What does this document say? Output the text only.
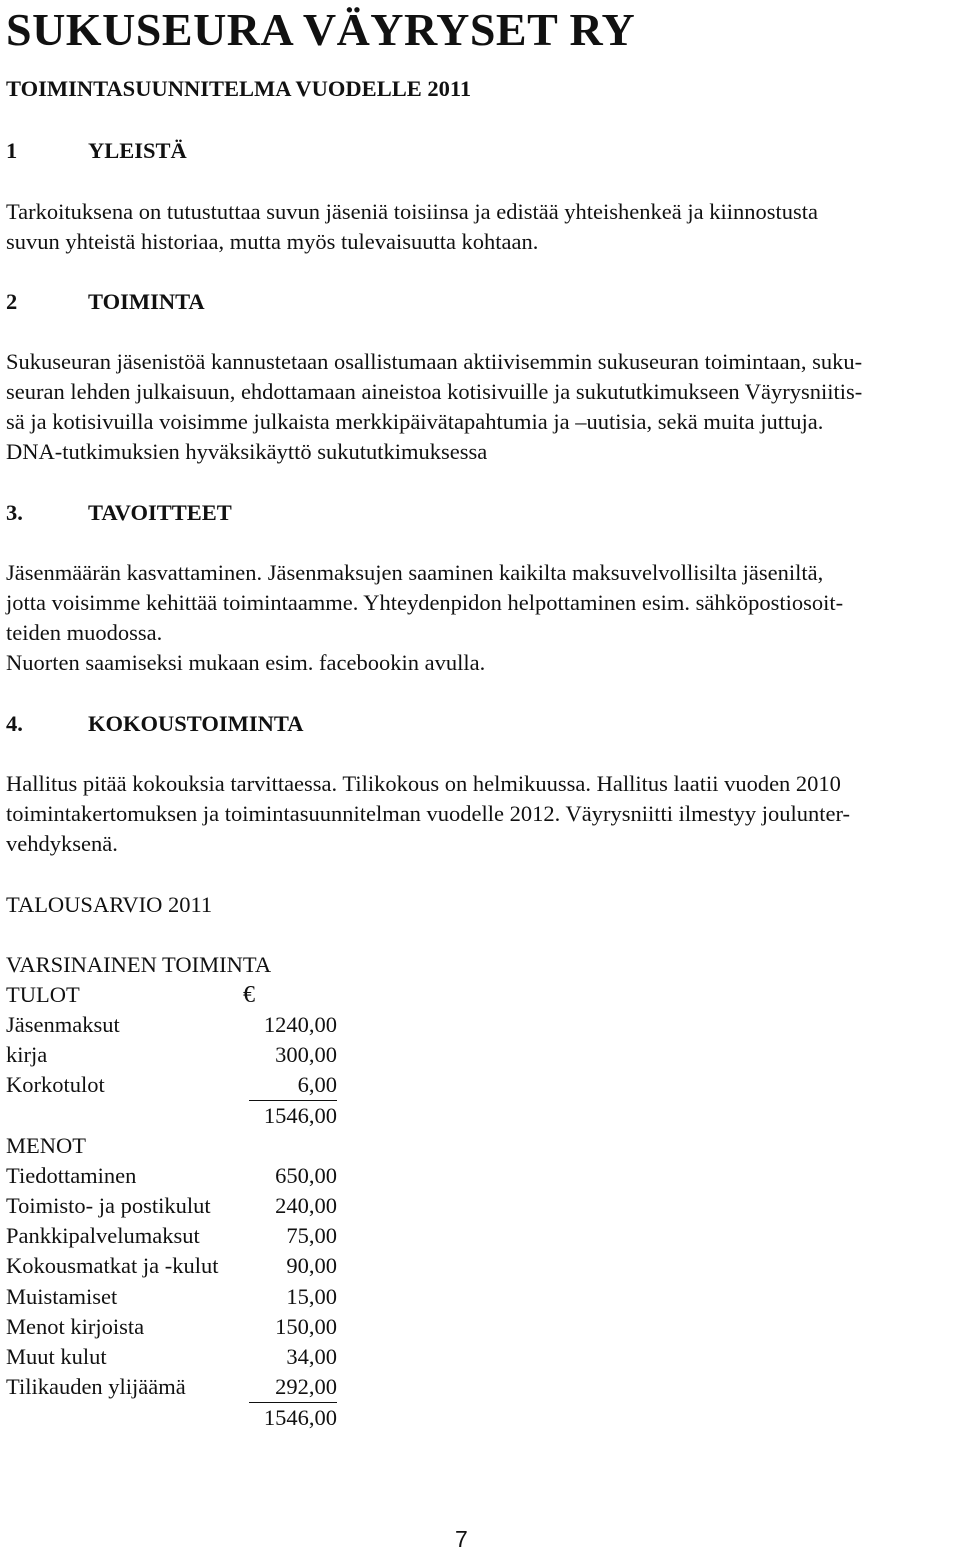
SUKUSEURA VÄYRYSET RY
TOIMINTASUUNNITELMA VUODELLE 2011
1	YLEISTÄ
Tarkoituksena on tutustuttaa suvun jäseniä toisiinsa ja edistää yhteishenkeä ja kiinnostusta
suvun yhteistä historiaa, mutta myös tulevaisuutta kohtaan.
2	TOIMINTA
Sukuseuran jäsenistöä kannustetaan osallistumaan aktiivisemmin sukuseuran toimintaan, suku-
seuran lehden julkaisuun, ehdottamaan aineistoa kotisivuille ja sukututkimukseen Väyrysniitis-
sä ja kotisivuilla voisimme julkaista merkkipäivätapahtumia ja –uutisia, sekä muita juttuja.
DNA-tutkimuksien hyväksikäyttö sukututkimuksessa
3.	TAVOITTEET
Jäsenmäärän kasvattaminen. Jäsenmaksujen saaminen kaikilta maksuvelvollisilta jäseniltä,
jotta voisimme kehittää toimintaamme. Yhteydenpidon helpottaminen esim. sähköpostiosoit-
teiden muodossa.
Nuorten saamiseksi mukaan esim. facebookin avulla.
4.	KOKOUSTOIMINTA
Hallitus pitää kokouksia tarvittaessa. Tilikokous on helmikuussa. Hallitus laatii vuoden 2010
toimintakertomuksen ja toimintasuunnitelman vuodelle 2012. Väyrysniitti ilmestyy joulunter-
vehdyksenä.
TALOUSARVIO 2011
VARSINAINEN TOIMINTA
TULOT	€
Jäsenmaksut	1240,00
kirja	300,00
Korkotulot	6,00
1546,00
MENOT
Tiedottaminen	650,00
Toimisto- ja postikulut	240,00
Pankkipalvelumaksut	75,00
Kokousmatkat ja -kulut	90,00
Muistamiset	15,00
Menot kirjoista	150,00
Muut kulut	34,00
Tilikauden ylijäämä	292,00
1546,00
7
